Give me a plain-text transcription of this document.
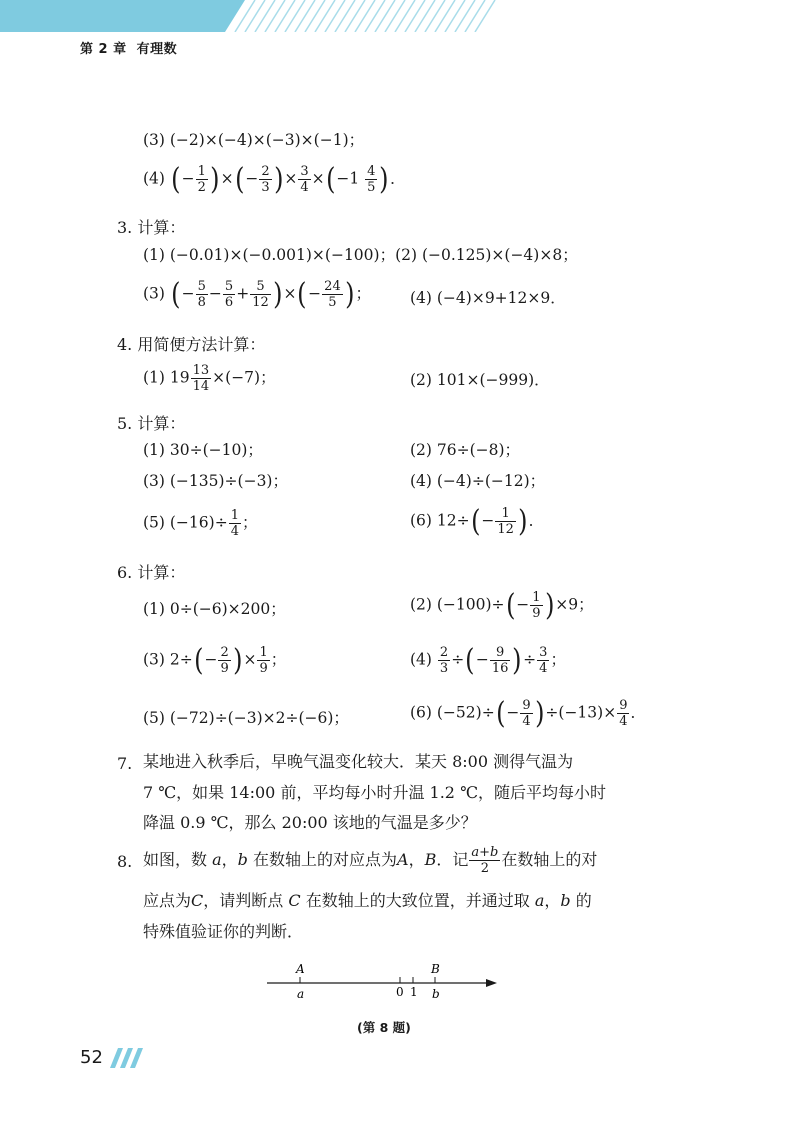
第 2 章 有理数
(3) (−2)×(−4)×(−3)×(−1)；
(4) (− $\frac{1}{2}$ )×(− $\frac{2}{3}$ )× $\frac{3}{4} \times(-1 \frac{4}{5}$ )．
3. 计算：
(1) (−0.01)×(−0.001)×(−100)；(2) (−0.125)×(−4)×8；
(3) (− $\frac{5}{8} - \frac{5}{6} + \frac{5}{12}$ )×(− $\frac{24}{5}$ )；	(4) (−4)×9+12×9．
4. 用简便方法计算：
(1) $19 \frac{13}{14} \times(-7)$；	(2) 101×(−999)．
5. 计算：
(1) 30÷(−10)；	(2) 76÷(−8)；
(3) (−135)÷(−3)；	(4) (−4)÷(−12)；
(5) $(-16)\div \frac{1}{4}$ ；	(6) $12\div(- \frac{1}{12}$ )．
6. 计算：
(1) 0÷(−6)×200；	(2) $(-100)\div(- \frac{1}{9} )\times 9$；
(3) $2\div(- \frac{2}{9}$ )× $\frac{1}{9}$ ；	$(4) \frac{2}{3}$ ÷(− $\frac{9}{16}$ )÷ $\frac{3}{4}$ ；
(5) (−72)÷(−3)×2÷(−6)；	(6) $(-52)\div(- \frac{9}{4} )\div(-13)\times \frac{9}{4}$ ．
7. 某地进入秋季后，早晚气温变化较大．某天 8:00 测得气温为
7 ℃，如果 14:00 前，平均每小时升温 1.2 ℃，随后平均每小时
降温 0.9 ℃，那么 20:00 该地的气温是多少？
8. 如图，数 a，b 在数轴上的对应点为A，B．记 $\frac{a+b}{2}$ 在数轴上的对
应点为C，请判断点 C 在数轴上的大致位置，并通过取 a，b 的
特殊值验证你的判断．
A	B
a	0 1 b
(第 8 题)
52
